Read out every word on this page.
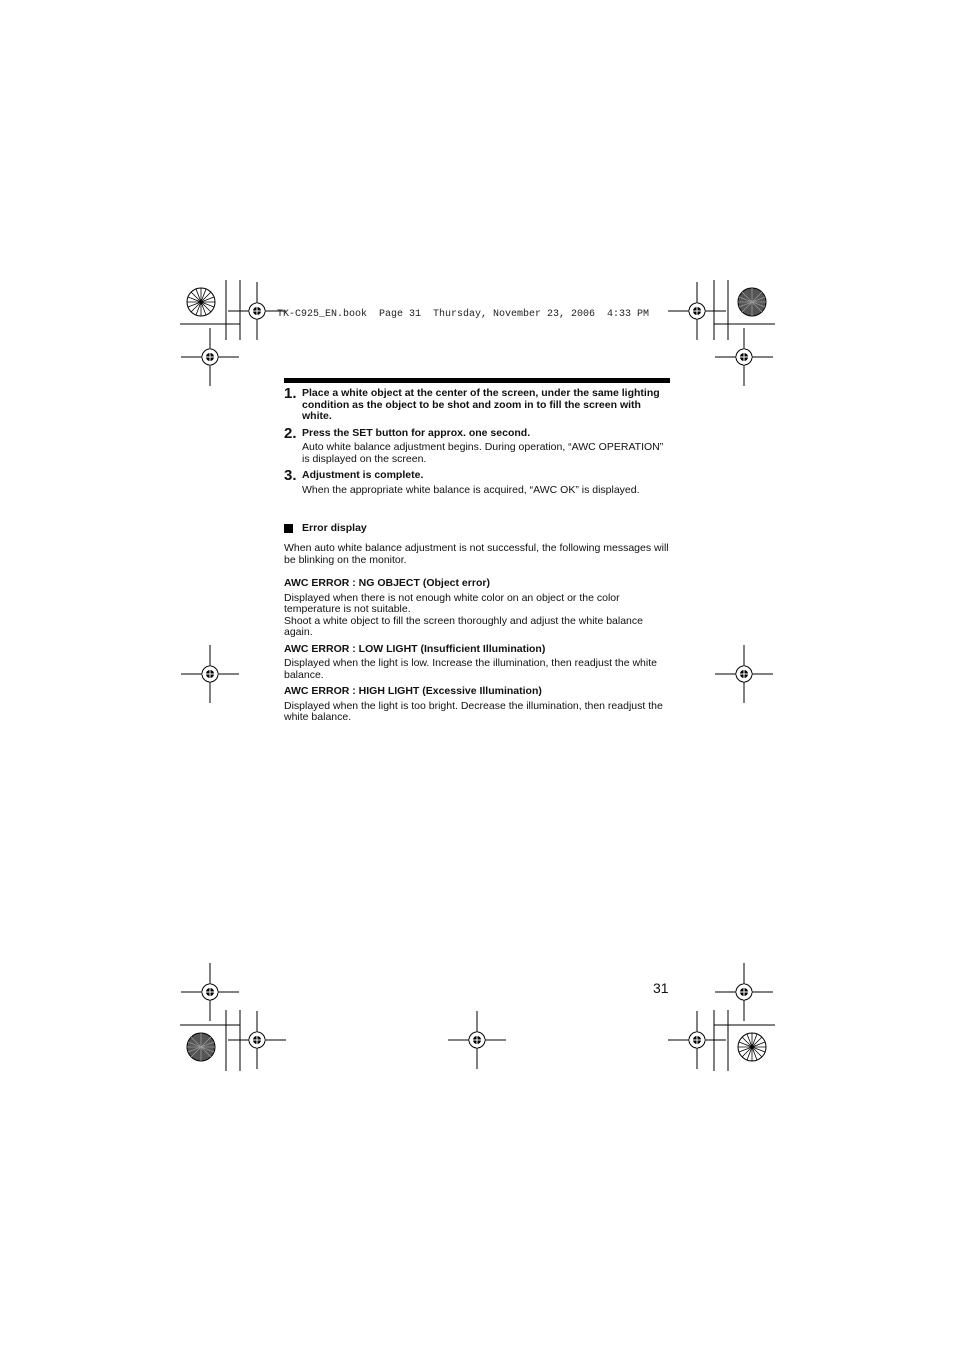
TK-C925_EN.book  Page 31  Thursday, November 23, 2006  4:33 PM
1. Place a white object at the center of the screen, under the same lighting condition as the object to be shot and zoom in to fill the screen with white.
2. Press the SET button for approx. one second.
Auto white balance adjustment begins. During operation, “AWC OPERATION” is displayed on the screen.
3. Adjustment is complete.
When the appropriate white balance is acquired, “AWC OK” is displayed.
Error display
When auto white balance adjustment is not successful, the following messages will be blinking on the monitor.
AWC ERROR : NG OBJECT (Object error)
Displayed when there is not enough white color on an object or the color temperature is not suitable.
Shoot a white object to fill the screen thoroughly and adjust the white balance again.
AWC ERROR : LOW LIGHT (Insufficient Illumination)
Displayed when the light is low. Increase the illumination, then readjust the white balance.
AWC ERROR : HIGH LIGHT (Excessive Illumination)
Displayed when the light is too bright. Decrease the illumination, then readjust the white balance.
31
